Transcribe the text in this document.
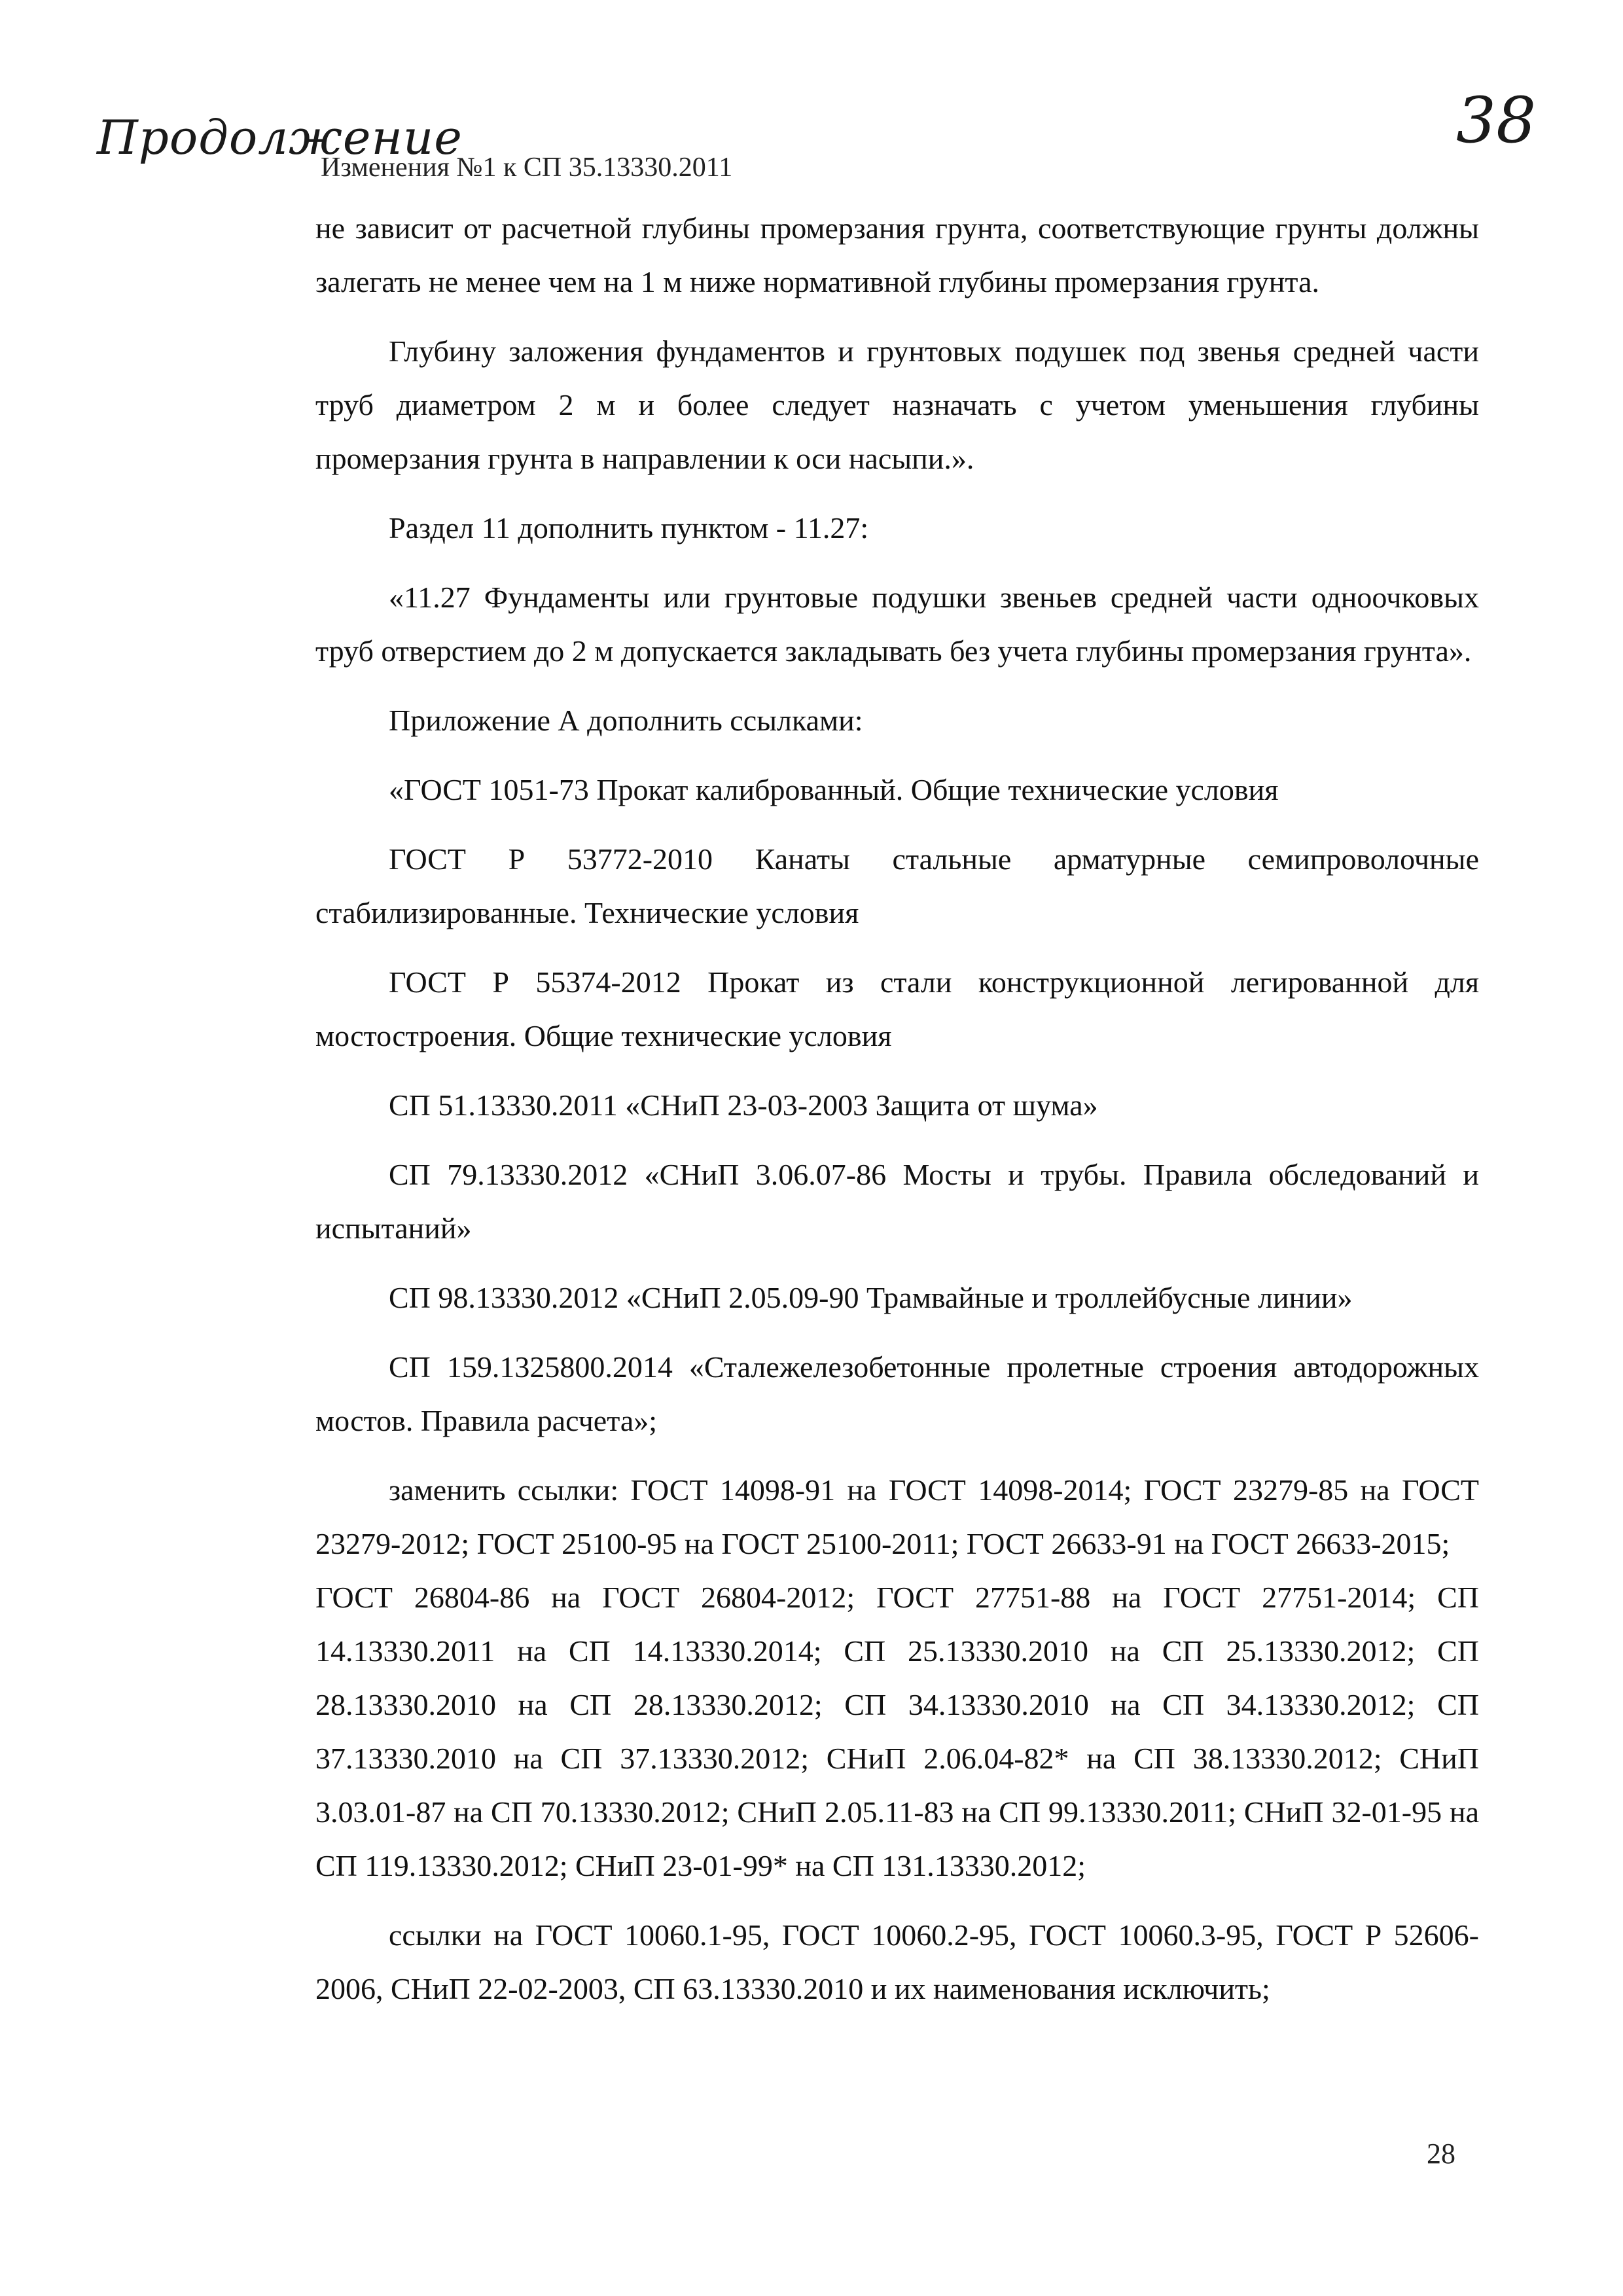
Продолжение
Изменения №1 к СП 35.13330.2011
38

не зависит от расчетной глубины промерзания грунта, соответствующие грунты должны залегать не менее чем на 1 м ниже нормативной глубины промерзания грунта.

Глубину заложения фундаментов и грунтовых подушек под звенья средней части труб диаметром 2 м и более следует назначать с учетом уменьшения глубины промерзания грунта в направлении к оси насыпи.».

Раздел 11 дополнить пунктом - 11.27:

«11.27 Фундаменты или грунтовые подушки звеньев средней части одноочковых труб отверстием до 2 м допускается закладывать без учета глубины промерзания грунта».

Приложение А дополнить ссылками:

«ГОСТ 1051-73 Прокат калиброванный. Общие технические условия

ГОСТ Р 53772-2010 Канаты стальные арматурные семипроволочные стабилизированные. Технические условия

ГОСТ Р 55374-2012 Прокат из стали конструкционной легированной для мостостроения. Общие технические условия

СП 51.13330.2011 «СНиП 23-03-2003 Защита от шума»

СП 79.13330.2012 «СНиП 3.06.07-86 Мосты и трубы. Правила обследований и испытаний»

СП 98.13330.2012 «СНиП 2.05.09-90 Трамвайные и троллейбусные линии»

СП 159.1325800.2014 «Сталежелезобетонные пролетные строения автодорожных мостов. Правила расчета»;

заменить ссылки: ГОСТ 14098-91 на ГОСТ 14098-2014; ГОСТ 23279-85 на ГОСТ 23279-2012; ГОСТ 25100-95 на ГОСТ 25100-2011; ГОСТ 26633-91 на ГОСТ 26633-2015;

ГОСТ 26804-86 на ГОСТ 26804-2012; ГОСТ 27751-88 на ГОСТ 27751-2014; СП 14.13330.2011 на СП 14.13330.2014; СП 25.13330.2010 на СП 25.13330.2012; СП 28.13330.2010 на СП 28.13330.2012; СП 34.13330.2010 на СП 34.13330.2012; СП 37.13330.2010 на СП 37.13330.2012; СНиП 2.06.04-82* на СП 38.13330.2012; СНиП 3.03.01-87 на СП 70.13330.2012; СНиП 2.05.11-83 на СП 99.13330.2011; СНиП 32-01-95 на СП 119.13330.2012; СНиП 23-01-99* на СП 131.13330.2012;

ссылки на ГОСТ 10060.1-95, ГОСТ 10060.2-95, ГОСТ 10060.3-95, ГОСТ Р 52606-2006, СНиП 22-02-2003, СП 63.13330.2010 и их наименования исключить;

28
